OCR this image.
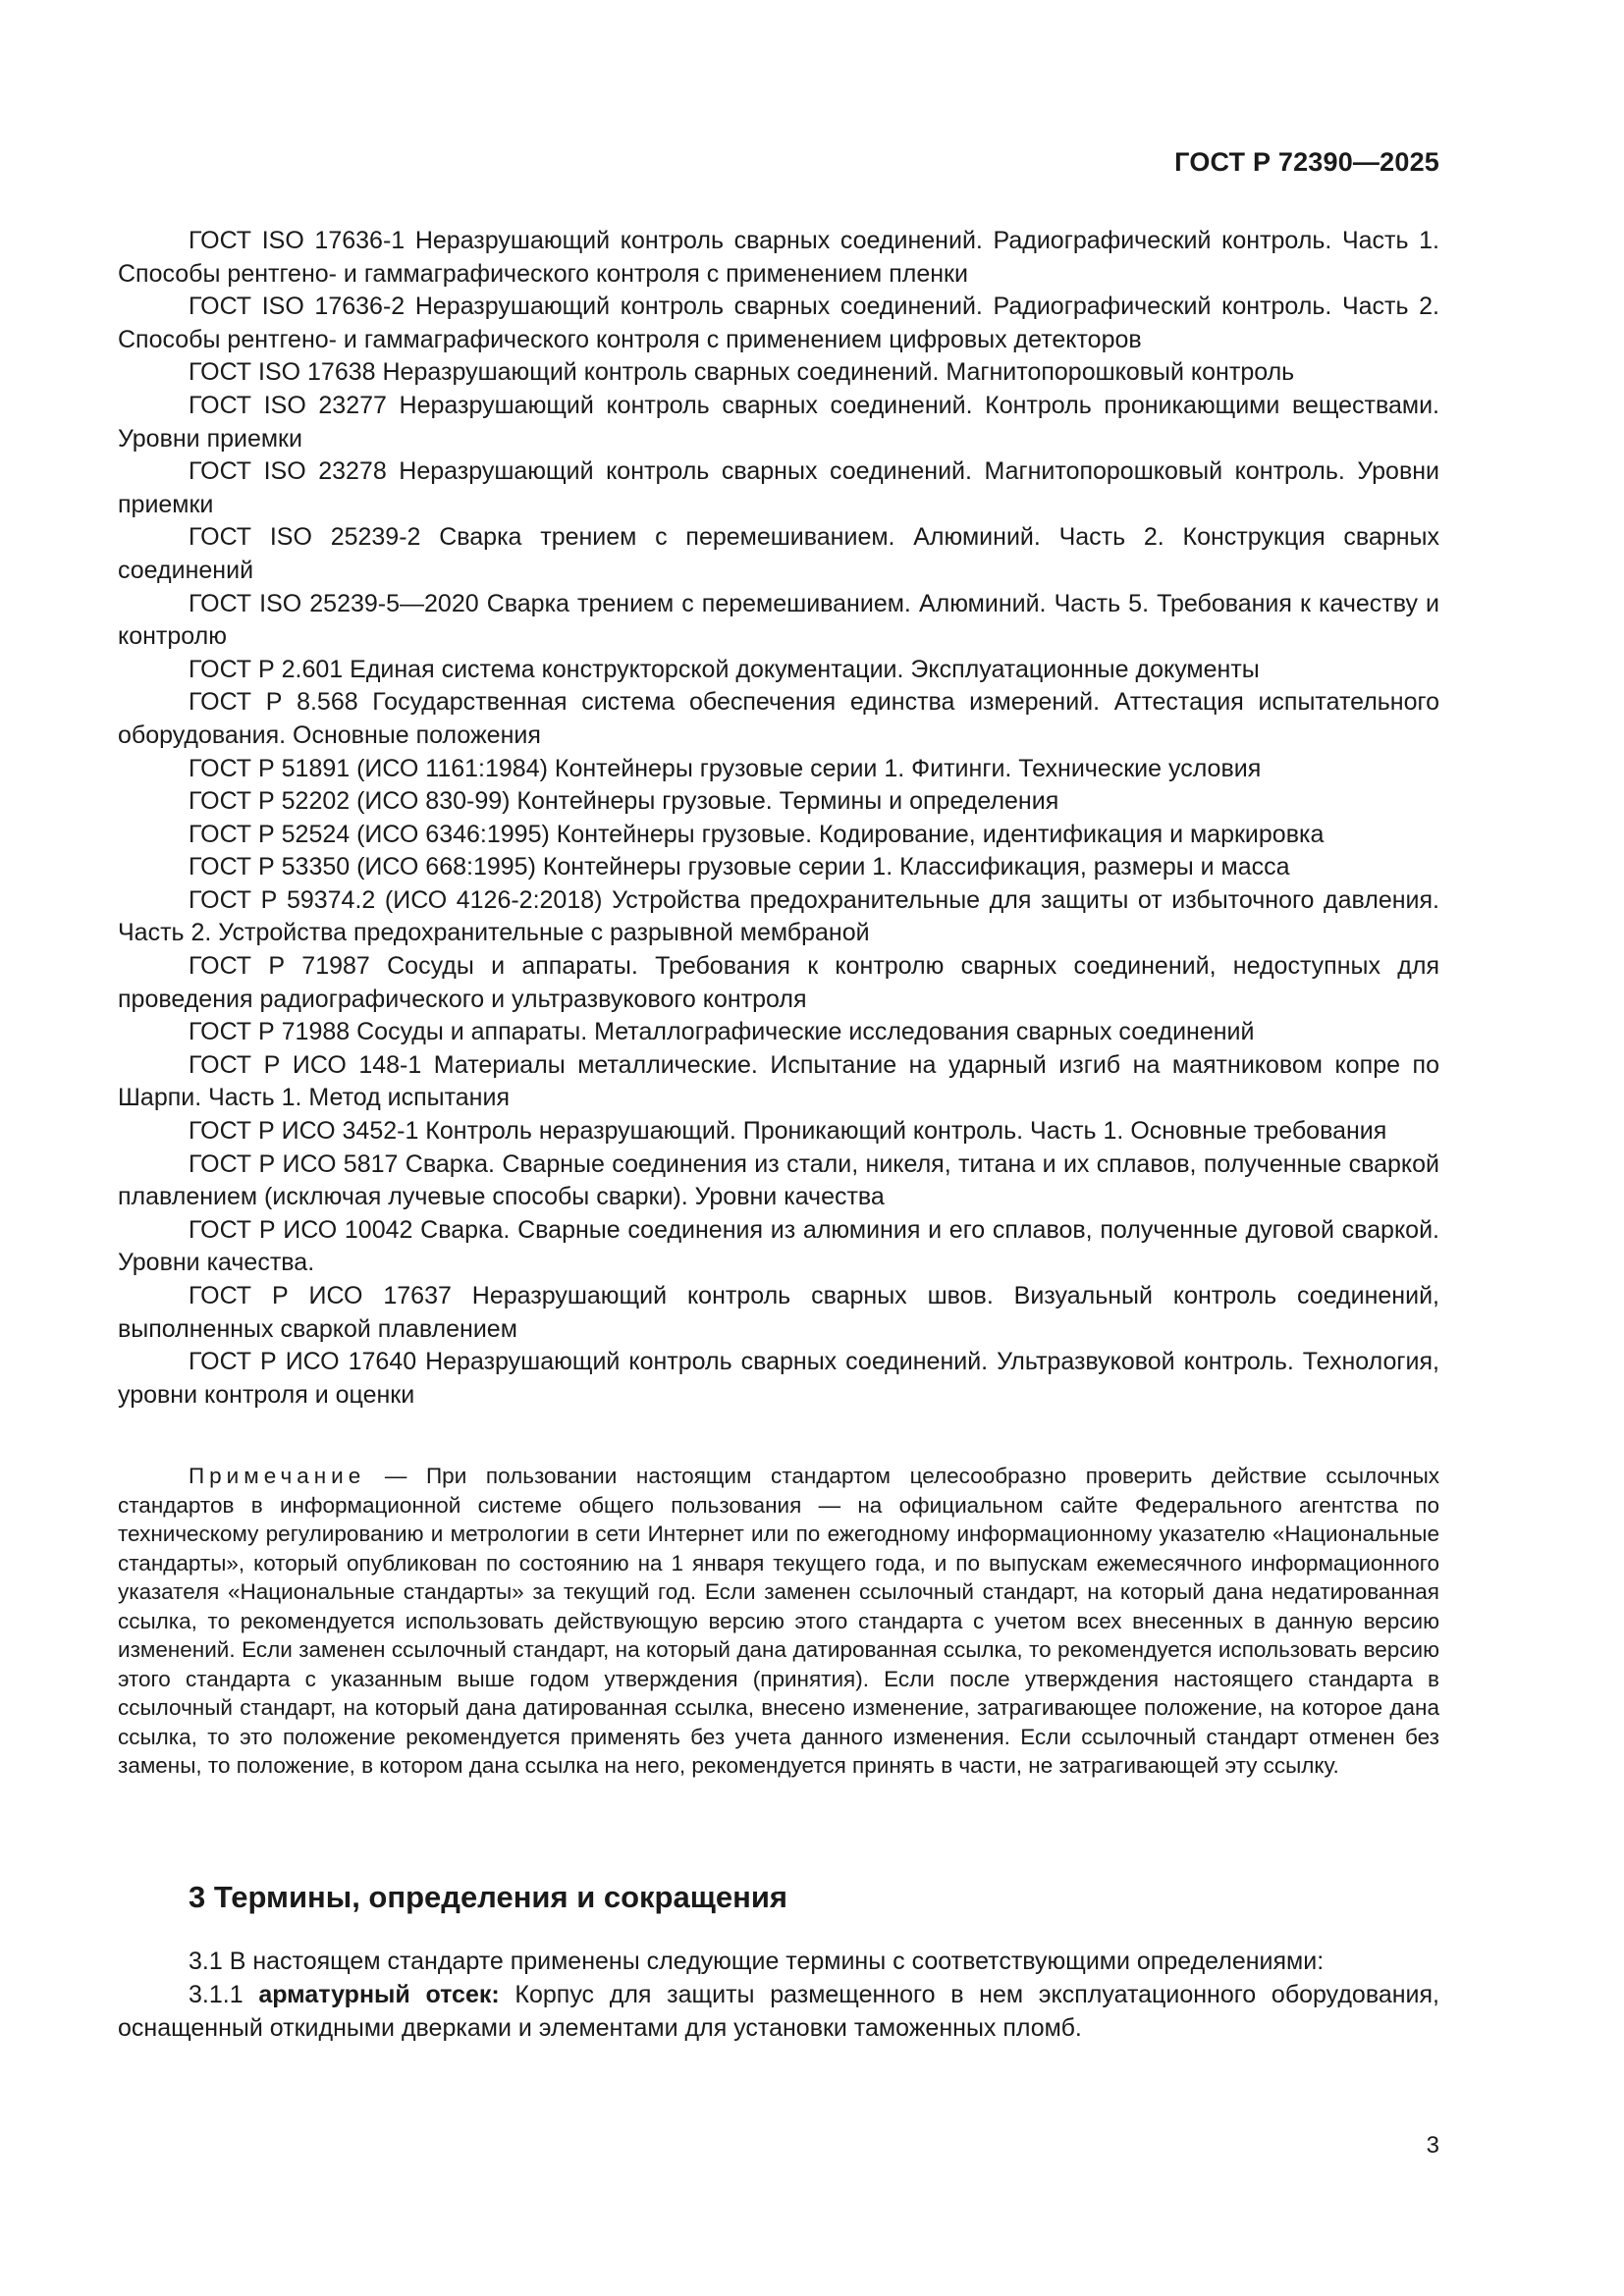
ГОСТ Р 72390—2025

ГОСТ ISO 17636-1 Неразрушающий контроль сварных соединений. Радиографический контроль. Часть 1. Способы рентгено- и гаммаграфического контроля с применением пленки

ГОСТ ISO 17636-2 Неразрушающий контроль сварных соединений. Радиографический контроль. Часть 2. Способы рентгено- и гаммаграфического контроля с применением цифровых детекторов

ГОСТ ISO 17638 Неразрушающий контроль сварных соединений. Магнитопорошковый контроль

ГОСТ ISO 23277 Неразрушающий контроль сварных соединений. Контроль проникающими веществами. Уровни приемки

ГОСТ ISO 23278 Неразрушающий контроль сварных соединений. Магнитопорошковый контроль. Уровни приемки

ГОСТ ISO 25239-2 Сварка трением с перемешиванием. Алюминий. Часть 2. Конструкция сварных соединений

ГОСТ ISO 25239-5—2020 Сварка трением с перемешиванием. Алюминий. Часть 5. Требования к качеству и контролю

ГОСТ Р 2.601 Единая система конструкторской документации. Эксплуатационные документы

ГОСТ Р 8.568 Государственная система обеспечения единства измерений. Аттестация испытательного оборудования. Основные положения

ГОСТ Р 51891 (ИСО 1161:1984) Контейнеры грузовые серии 1. Фитинги. Технические условия

ГОСТ Р 52202 (ИСО 830-99) Контейнеры грузовые. Термины и определения

ГОСТ Р 52524 (ИСО 6346:1995) Контейнеры грузовые. Кодирование, идентификация и маркировка

ГОСТ Р 53350 (ИСО 668:1995) Контейнеры грузовые серии 1. Классификация, размеры и масса

ГОСТ Р 59374.2 (ИСО 4126-2:2018) Устройства предохранительные для защиты от избыточного давления. Часть 2. Устройства предохранительные с разрывной мембраной

ГОСТ Р 71987 Сосуды и аппараты. Требования к контролю сварных соединений, недоступных для проведения радиографического и ультразвукового контроля

ГОСТ Р 71988 Сосуды и аппараты. Металлографические исследования сварных соединений

ГОСТ Р ИСО 148-1 Материалы металлические. Испытание на ударный изгиб на маятниковом копре по Шарпи. Часть 1. Метод испытания

ГОСТ Р ИСО 3452-1 Контроль неразрушающий. Проникающий контроль. Часть 1. Основные требования

ГОСТ Р ИСО 5817 Сварка. Сварные соединения из стали, никеля, титана и их сплавов, полученные сваркой плавлением (исключая лучевые способы сварки). Уровни качества

ГОСТ Р ИСО 10042 Сварка. Сварные соединения из алюминия и его сплавов, полученные дуговой сваркой. Уровни качества.

ГОСТ Р ИСО 17637 Неразрушающий контроль сварных швов. Визуальный контроль соединений, выполненных сваркой плавлением

ГОСТ Р ИСО 17640 Неразрушающий контроль сварных соединений. Ультразвуковой контроль. Технология, уровни контроля и оценки

Примечание — При пользовании настоящим стандартом целесообразно проверить действие ссылочных стандартов в информационной системе общего пользования — на официальном сайте Федерального агентства по техническому регулированию и метрологии в сети Интернет или по ежегодному информационному указателю «Национальные стандарты», который опубликован по состоянию на 1 января текущего года, и по выпускам ежемесячного информационного указателя «Национальные стандарты» за текущий год. Если заменен ссылочный стандарт, на который дана недатированная ссылка, то рекомендуется использовать действующую версию этого стандарта с учетом всех внесенных в данную версию изменений. Если заменен ссылочный стандарт, на который дана датированная ссылка, то рекомендуется использовать версию этого стандарта с указанным выше годом утверждения (принятия). Если после утверждения настоящего стандарта в ссылочный стандарт, на который дана датированная ссылка, внесено изменение, затрагивающее положение, на которое дана ссылка, то это положение рекомендуется применять без учета данного изменения. Если ссылочный стандарт отменен без замены, то положение, в котором дана ссылка на него, рекомендуется принять в части, не затрагивающей эту ссылку.

3 Термины, определения и сокращения

3.1 В настоящем стандарте применены следующие термины с соответствующими определениями:

3.1.1 арматурный отсек: Корпус для защиты размещенного в нем эксплуатационного оборудования, оснащенный откидными дверками и элементами для установки таможенных пломб.

3
